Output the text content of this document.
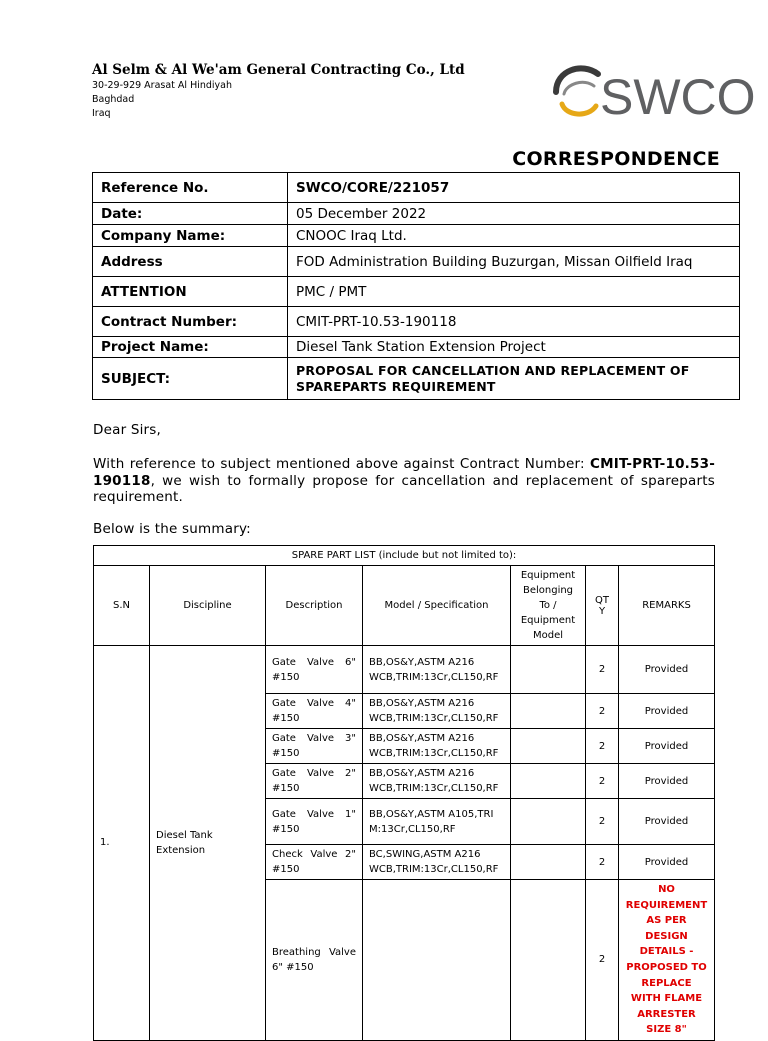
Al Selm & Al We'am General Contracting Co., Ltd
30-29-929 Arasat Al Hindiyah
Baghdad
Iraq	SWCO
CORRESPONDENCE
Reference No.	SWCO/CORE/221057
Date:	05 December 2022
Company Name:	CNOOC Iraq Ltd.
Address	FOD Administration Building Buzurgan, Missan Oilfield Iraq
ATTENTION	PMC / PMT
Contract Number:	CMIT-PRT-10.53-190118
Project Name:	Diesel Tank Station Extension Project
SUBJECT:	PROPOSAL FOR CANCELLATION AND REPLACEMENT OF SPAREPARTS REQUIREMENT
Dear Sirs,
With reference to subject mentioned above against Contract Number: CMIT-PRT-10.53-190118, we wish to formally propose for cancellation and replacement of spareparts requirement.
Below is the summary:
SPARE PART LIST (include but not limited to):						
S.N	Discipline	Description	Model / Specification	Equipment Belonging To / Equipment Model	QTY	REMARKS
1.	Diesel Tank Extension	Gate Valve 6" #150	BB,OS&Y,ASTM A216 WCB,TRIM:13Cr,CL150,RF		2	Provided
		Gate Valve 4" #150	BB,OS&Y,ASTM A216 WCB,TRIM:13Cr,CL150,RF		2	Provided
		Gate Valve 3" #150	BB,OS&Y,ASTM A216 WCB,TRIM:13Cr,CL150,RF		2	Provided
		Gate Valve 2" #150	BB,OS&Y,ASTM A216 WCB,TRIM:13Cr,CL150,RF		2	Provided
		Gate Valve 1" #150	BB,OS&Y,ASTM A105,TRIM:13Cr,CL150,RF		2	Provided
		Check Valve 2" #150	BC,SWING,ASTM A216 WCB,TRIM:13Cr,CL150,RF		2	Provided
		Breathing Valve 6" #150			2	NO REQUIREMENT AS PER DESIGN DETAILS - PROPOSED TO REPLACE WITH FLAME ARRESTER SIZE 8"
